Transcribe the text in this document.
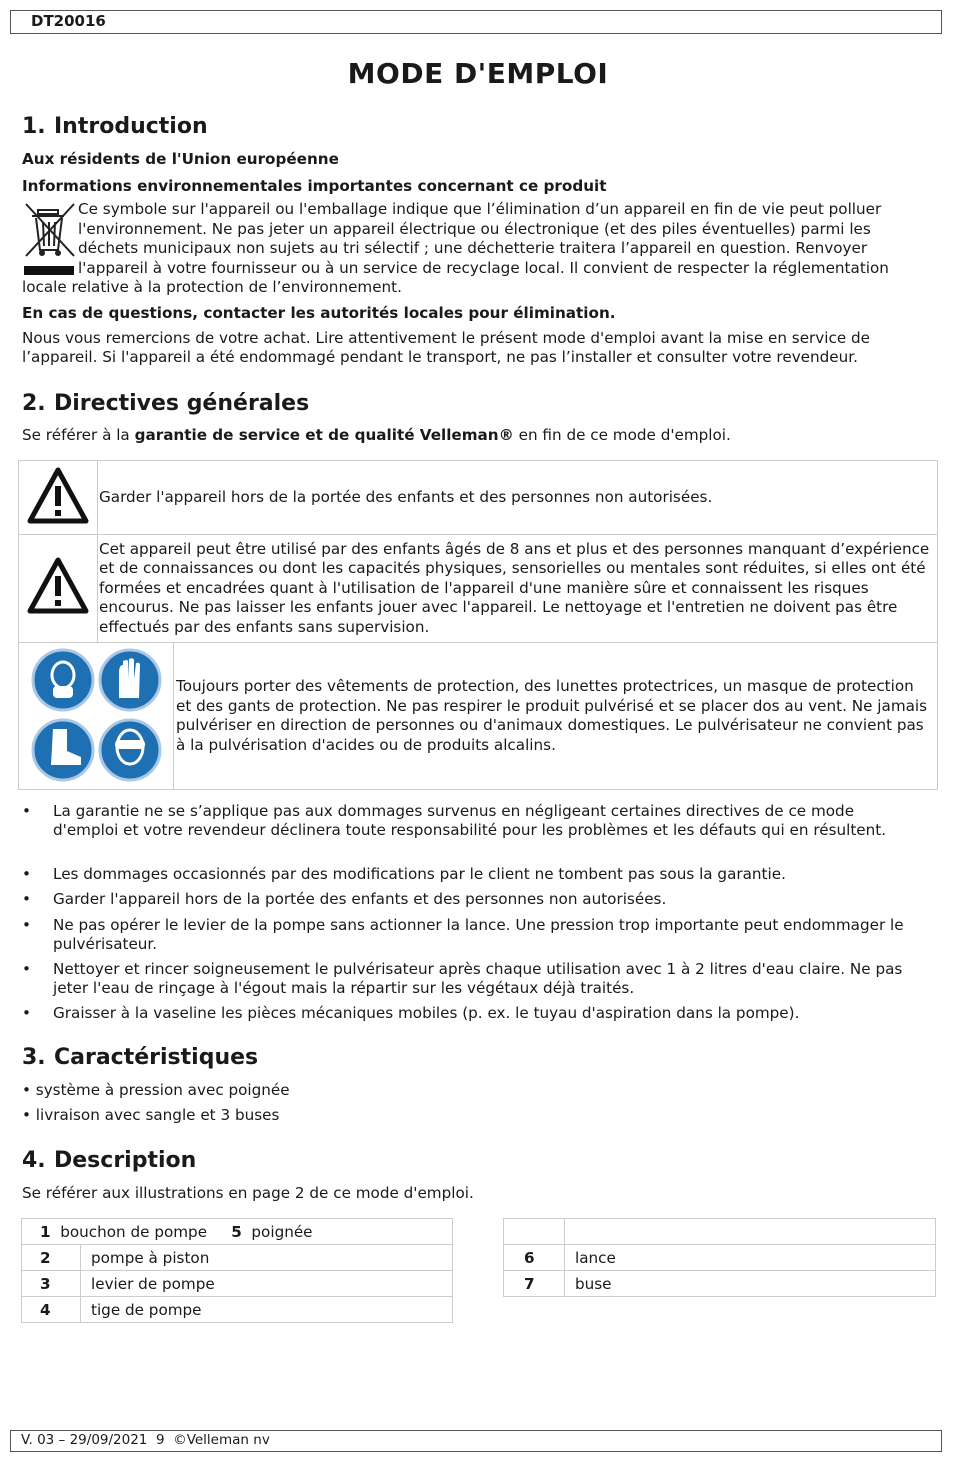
DT20016
MODE D'EMPLOI
1. Introduction
Aux résidents de l'Union européenne
Informations environnementales importantes concernant ce produit
Ce symbole sur l'appareil ou l'emballage indique que l’élimination d’un appareil en fin de vie peut polluer l'environnement. Ne pas jeter un appareil électrique ou électronique (et des piles éventuelles) parmi les déchets municipaux non sujets au tri sélectif ; une déchetterie traitera l’appareil en question. Renvoyer l'appareil à votre fournisseur ou à un service de recyclage local. Il convient de respecter la réglementation locale relative à la protection de l’environnement.
En cas de questions, contacter les autorités locales pour élimination.
Nous vous remercions de votre achat. Lire attentivement le présent mode d'emploi avant la mise en service de l’appareil. Si l'appareil a été endommagé pendant le transport, ne pas l’installer et consulter votre revendeur.
2. Directives générales
Se référer à la garantie de service et de qualité Velleman® en fin de ce mode d'emploi.
Garder l'appareil hors de la portée des enfants et des personnes non autorisées.
Cet appareil peut être utilisé par des enfants âgés de 8 ans et plus et des personnes manquant d’expérience et de connaissances ou dont les capacités physiques, sensorielles ou mentales sont réduites, si elles ont été formées et encadrées quant à l'utilisation de l'appareil d'une manière sûre et connaissent les risques encourus. Ne pas laisser les enfants jouer avec l'appareil. Le nettoyage et l'entretien ne doivent pas être effectués par des enfants sans supervision.
Toujours porter des vêtements de protection, des lunettes protectrices, un masque de protection et des gants de protection. Ne pas respirer le produit pulvérisé et se placer dos au vent. Ne jamais pulvériser en direction de personnes ou d'animaux domestiques. Le pulvérisateur ne convient pas à la pulvérisation d'acides ou de produits alcalins.
• La garantie ne se s’applique pas aux dommages survenus en négligeant certaines directives de ce mode d'emploi et votre revendeur déclinera toute responsabilité pour les problèmes et les défauts qui en résultent.
• Les dommages occasionnés par des modifications par le client ne tombent pas sous la garantie.
• Garder l'appareil hors de la portée des enfants et des personnes non autorisées.
• Ne pas opérer le levier de la pompe sans actionner la lance. Une pression trop importante peut endommager le pulvérisateur.
• Nettoyer et rincer soigneusement le pulvérisateur après chaque utilisation avec 1 à 2 litres d'eau claire. Ne pas jeter l'eau de rinçage à l'égout mais la répartir sur les végétaux déjà traités.
• Graisser à la vaseline les pièces mécaniques mobiles (p. ex. le tuyau d'aspiration dans la pompe).
3. Caractéristiques
• système à pression avec poignée
• livraison avec sangle et 3 buses
4. Description
Se référer aux illustrations en page 2 de ce mode d'emploi.
1 bouchon de pompe 5 poignée	
2	pompe à piston
3	levier de pompe
4	tige de pompe

6	lance
7	buse
V. 03 – 29/09/2021 9 ©Velleman nv
